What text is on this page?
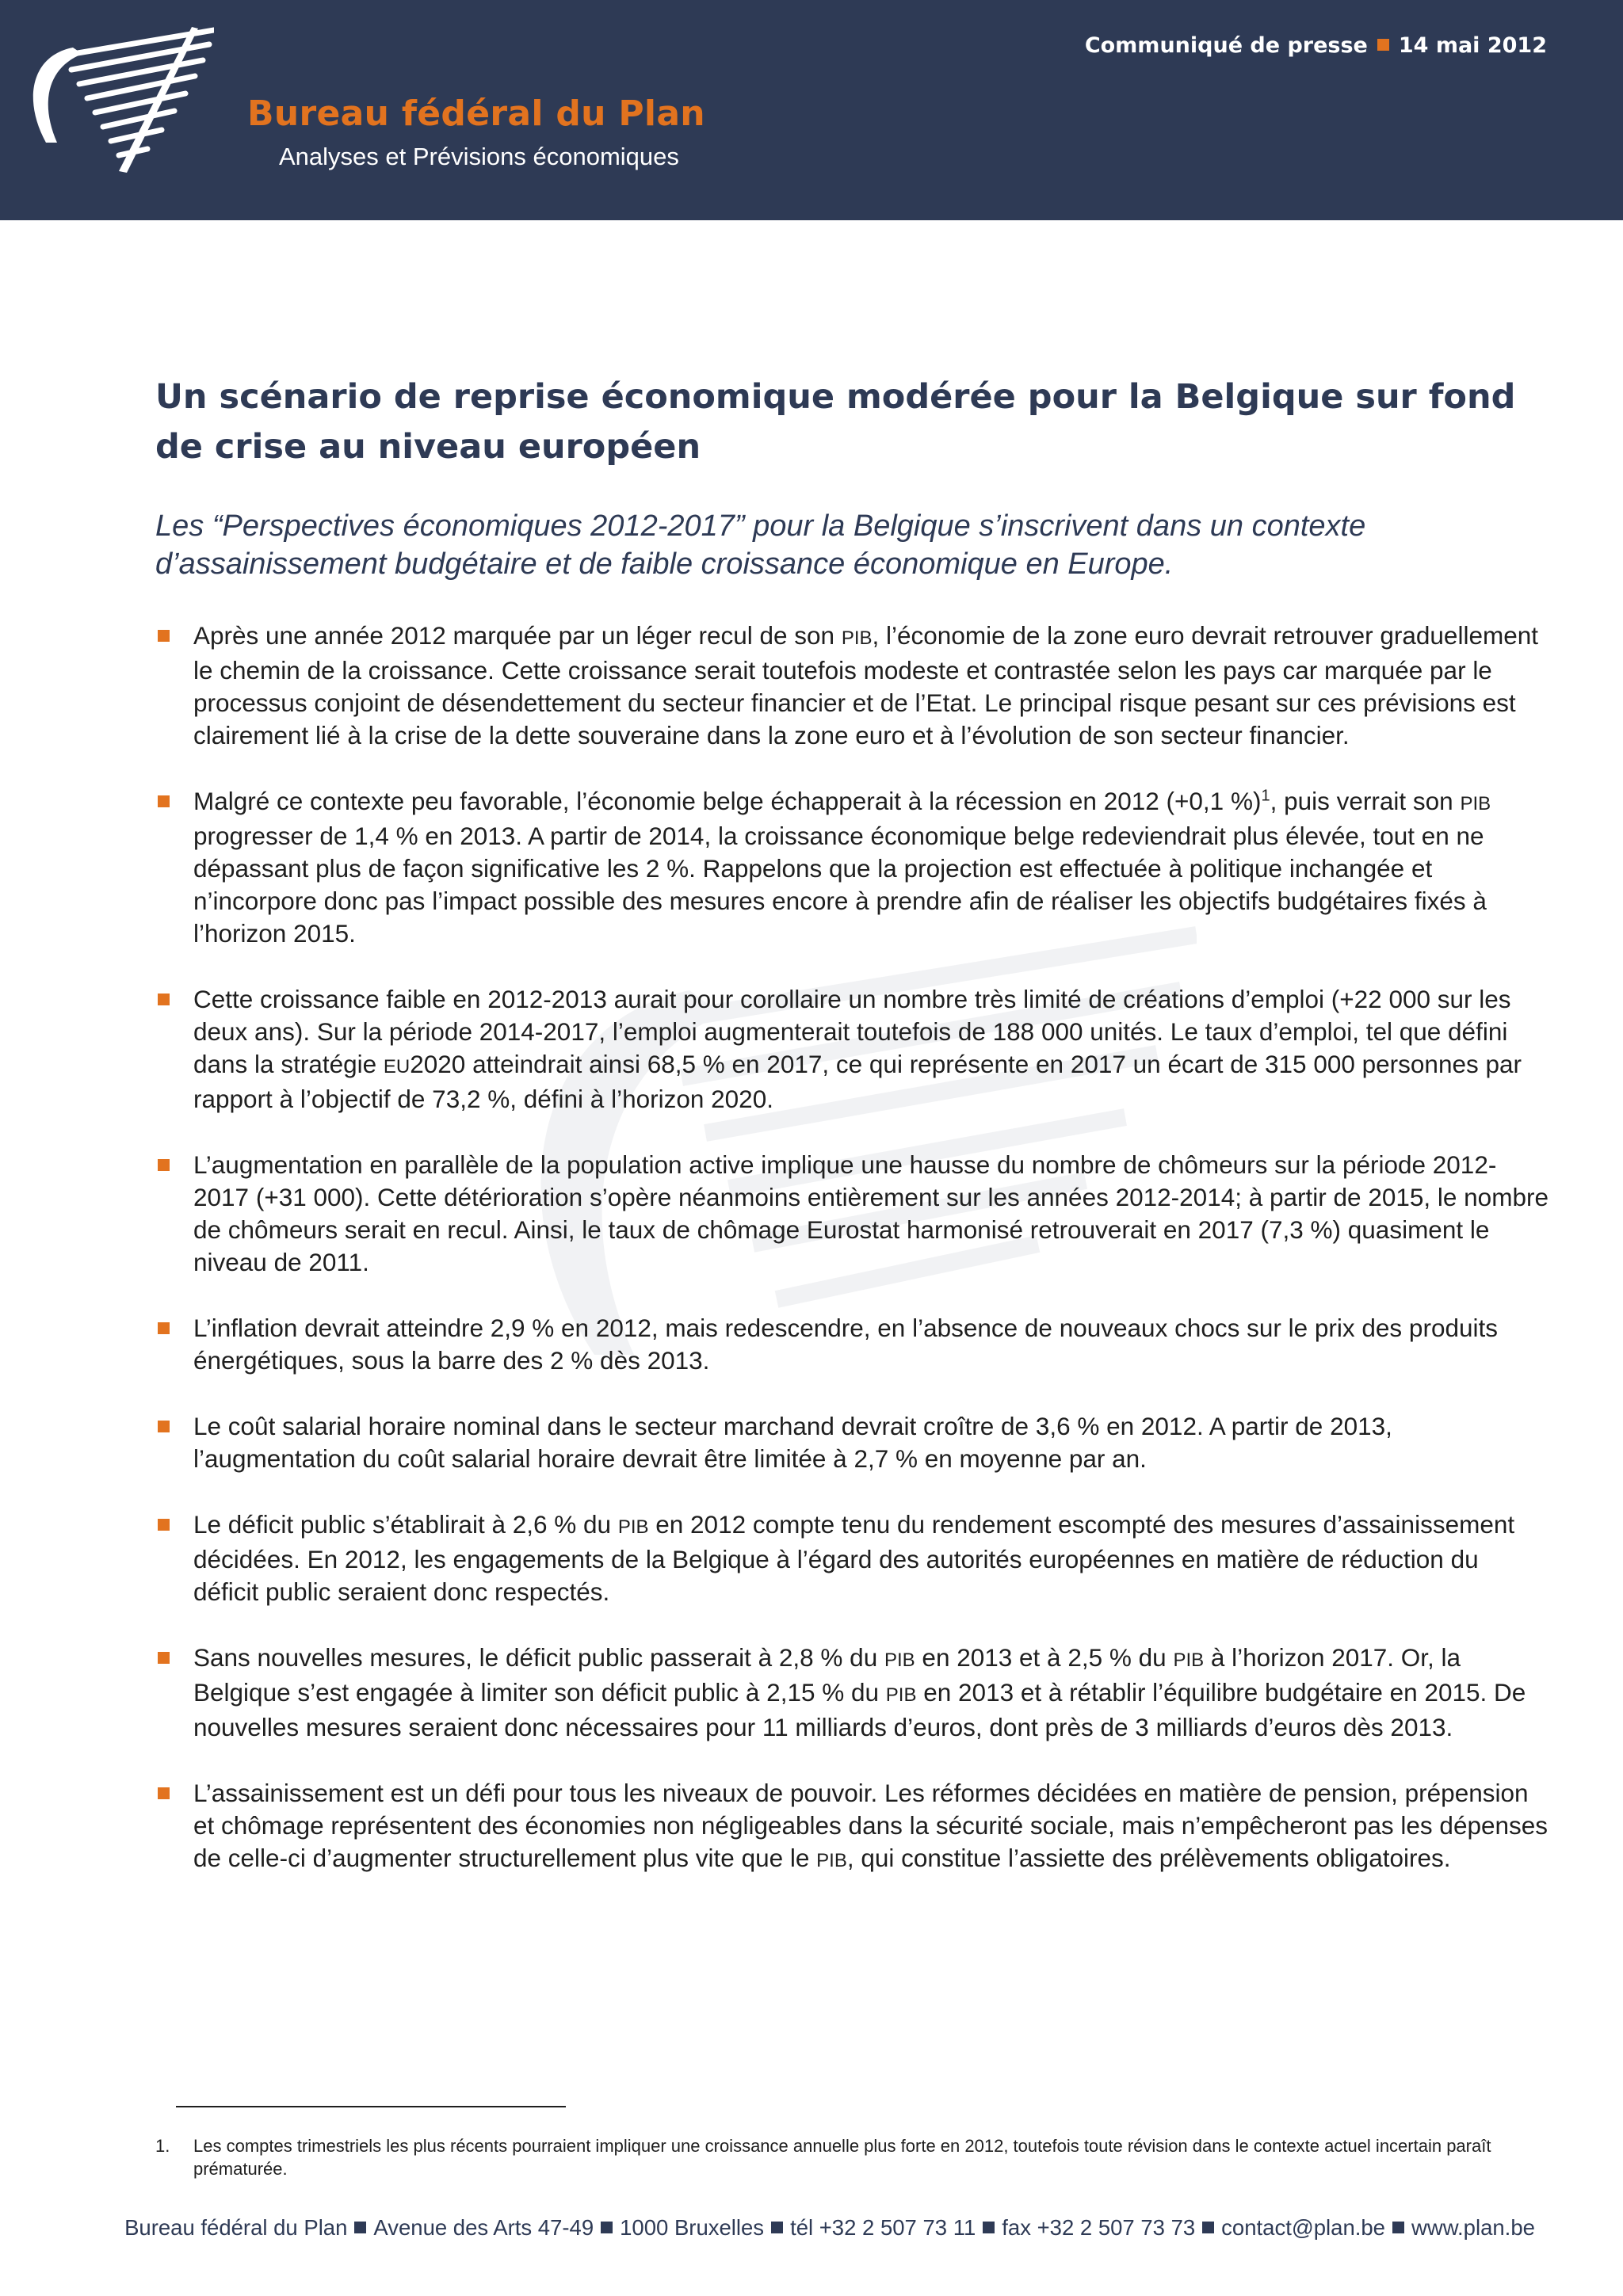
Bureau fédéral du Plan
Analyses et Prévisions économiques
Communiqué de presse 14 mai 2012
Un scénario de reprise économique modérée pour la Belgique sur fond de crise au niveau européen

Les “Perspectives économiques 2012-2017” pour la Belgique s’inscrivent dans un contexte d’assainissement budgétaire et de faible croissance économique en Europe.

Après une année 2012 marquée par un léger recul de son PIB, l’économie de la zone euro devrait retrouver graduellement le chemin de la croissance. Cette croissance serait toutefois modeste et contrastée selon les pays car marquée par le processus conjoint de désendettement du secteur financier et de l’Etat. Le principal risque pesant sur ces prévisions est clairement lié à la crise de la dette souveraine dans la zone euro et à l’évolution de son secteur financier.
Malgré ce contexte peu favorable, l’économie belge échapperait à la récession en 2012 (+0,1 %)$^1$, puis verrait son PIB progresser de 1,4 % en 2013. A partir de 2014, la croissance économique belge redeviendrait plus élevée, tout en ne dépassant plus de façon significative les 2 %. Rappelons que la projection est effectuée à politique inchangée et n’incorpore donc pas l’impact possible des mesures encore à prendre afin de réaliser les objectifs budgétaires fixés à l’horizon 2015.
Cette croissance faible en 2012-2013 aurait pour corollaire un nombre très limité de créations d’emploi (+22 000 sur les deux ans). Sur la période 2014-2017, l’emploi augmenterait toutefois de 188 000 unités. Le taux d’emploi, tel que défini dans la stratégie EU2020 atteindrait ainsi 68,5 % en 2017, ce qui représente en 2017 un écart de 315 000 personnes par rapport à l’objectif de 73,2 %, défini à l’horizon 2020.
L’augmentation en parallèle de la population active implique une hausse du nombre de chômeurs sur la période 2012-2017 (+31 000). Cette détérioration s’opère néanmoins entièrement sur les années 2012-2014; à partir de 2015, le nombre de chômeurs serait en recul. Ainsi, le taux de chômage Eurostat harmonisé retrouverait en 2017 (7,3 %) quasiment le niveau de 2011.
L’inflation devrait atteindre 2,9 % en 2012, mais redescendre, en l’absence de nouveaux chocs sur le prix des produits énergétiques, sous la barre des 2 % dès 2013.
Le coût salarial horaire nominal dans le secteur marchand devrait croître de 3,6 % en 2012. A partir de 2013, l’augmentation du coût salarial horaire devrait être limitée à 2,7 % en moyenne par an.
Le déficit public s’établirait à 2,6 % du PIB en 2012 compte tenu du rendement escompté des mesures d’assainissement décidées. En 2012, les engagements de la Belgique à l’égard des autorités européennes en matière de réduction du déficit public seraient donc respectés.
Sans nouvelles mesures, le déficit public passerait à 2,8 % du PIB en 2013 et à 2,5 % du PIB à l’horizon 2017. Or, la Belgique s’est engagée à limiter son déficit public à 2,15 % du PIB en 2013 et à rétablir l’équilibre budgétaire en 2015. De nouvelles mesures seraient donc nécessaires pour 11 milliards d’euros, dont près de 3 milliards d’euros dès 2013.
L’assainissement est un défi pour tous les niveaux de pouvoir. Les réformes décidées en matière de pension, prépension et chômage représentent des économies non négligeables dans la sécurité sociale, mais n’empêcheront pas les dépenses de celle-ci d’augmenter structurellement plus vite que le PIB, qui constitue l’assiette des prélèvements obligatoires.
1. Les comptes trimestriels les plus récents pourraient impliquer une croissance annuelle plus forte en 2012, toutefois toute révision dans le contexte actuel incertain paraît prématurée.
Bureau fédéral du Plan Avenue des Arts 47-49 1000 Bruxelles tél +32 2 507 73 11 fax +32 2 507 73 73 contact@plan.be www.plan.be
